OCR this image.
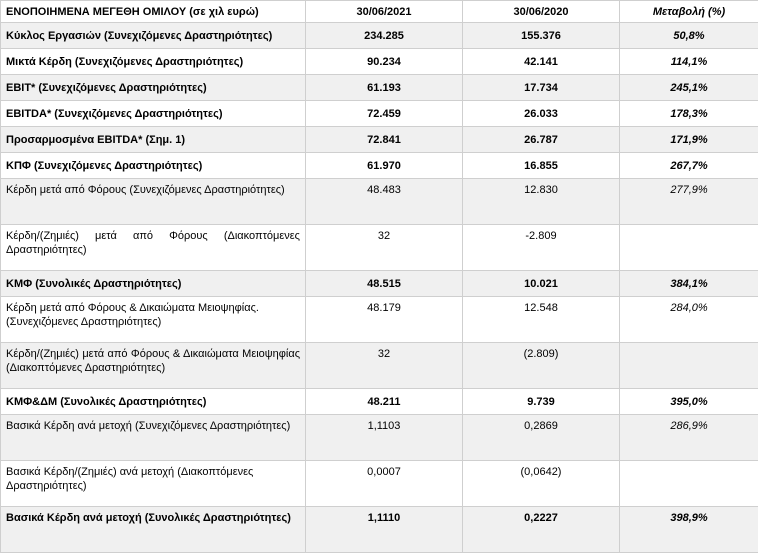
ΕΝΟΠΟΙΗΜΕΝΑ ΜΕΓΕΘΗ ΟΜΙΛΟΥ (σε χιλ ευρώ)	30/06/2021	30/06/2020	Μεταβολή (%)
Κύκλος Εργασιών (Συνεχιζόμενες Δραστηριότητες)	234.285	155.376	50,8%
Μικτά Κέρδη (Συνεχιζόμενες Δραστηριότητες)	90.234	42.141	114,1%
EBIT* (Συνεχιζόμενες Δραστηριότητες)	61.193	17.734	245,1%
EBITDA* (Συνεχιζόμενες Δραστηριότητες)	72.459	26.033	178,3%
Προσαρμοσμένα EBITDA* (Σημ. 1)	72.841	26.787	171,9%
ΚΠΦ (Συνεχιζόμενες Δραστηριότητες)	61.970	16.855	267,7%
Κέρδη μετά από Φόρους (Συνεχιζόμενες Δραστηριότητες)	48.483	12.830	277,9%
Κέρδη/(Ζημιές) μετά από Φόρους (Διακοπτόμενες Δραστηριότητες)	32	-2.809	
ΚΜΦ (Συνολικές Δραστηριότητες)	48.515	10.021	384,1%
Κέρδη μετά από Φόρους & Δικαιώματα Μειοψηφίας. (Συνεχιζόμενες Δραστηριότητες)	48.179	12.548	284,0%
Κέρδη/(Ζημιές) μετά από Φόρους & Δικαιώματα Μειοψηφίας (Διακοπτόμενες Δραστηριότητες)	32	(2.809)	
ΚΜΦ&ΔΜ (Συνολικές Δραστηριότητες)	48.211	9.739	395,0%
Βασικά Κέρδη ανά μετοχή (Συνεχιζόμενες Δραστηριότητες)	1,1103	0,2869	286,9%
Βασικά Κέρδη/(Ζημιές) ανά μετοχή (Διακοπτόμενες Δραστηριότητες)	0,0007	(0,0642)	
Βασικά Κέρδη ανά μετοχή (Συνολικές Δραστηριότητες)	1,1110	0,2227	398,9%
